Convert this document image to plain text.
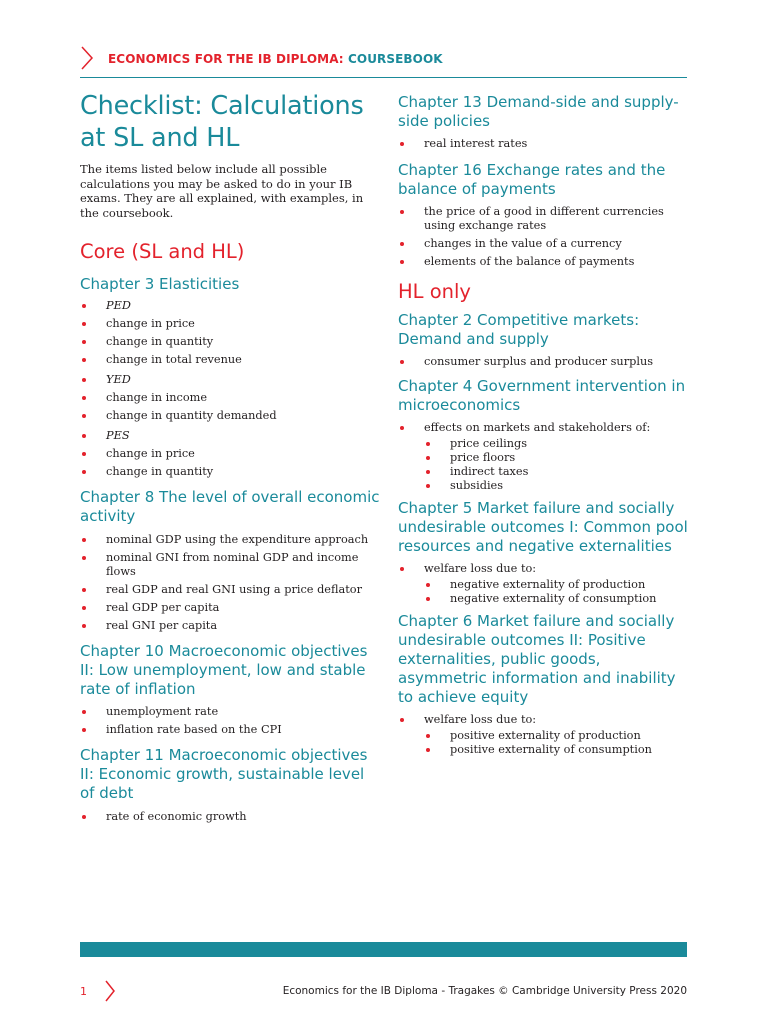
ECONOMICS FOR THE IB DIPLOMA: COURSEBOOK
Checklist: Calculations at SL and HL

The items listed below include all possible calculations you may be asked to do in your IB exams. They are all explained, with examples, in the coursebook.

Core (SL and HL)
Chapter 3 Elasticities
PED
change in price
change in quantity
change in total revenue
YED
change in income
change in quantity demanded
PES
change in price
change in quantity
Chapter 8 The level of overall economic activity
nominal GDP using the expenditure approach
nominal GNI from nominal GDP and income flows
real GDP and real GNI using a price deflator
real GDP per capita
real GNI per capita
Chapter 10 Macroeconomic objectives II: Low unemployment, low and stable rate of inflation
unemployment rate
inflation rate based on the CPI
Chapter 11 Macroeconomic objectives II: Economic growth, sustainable level of debt
rate of economic growth
Chapter 13 Demand-side and supply-side policies
real interest rates
Chapter 16 Exchange rates and the balance of payments
the price of a good in different currencies using exchange rates
changes in the value of a currency
elements of the balance of payments
HL only
Chapter 2 Competitive markets: Demand and supply
consumer surplus and producer surplus
Chapter 4 Government intervention in microeconomics
effects on markets and stakeholders of:
price ceilings
price floors
indirect taxes
subsidies
Chapter 5 Market failure and socially undesirable outcomes I: Common pool resources and negative externalities
welfare loss due to:
negative externality of production
negative externality of consumption
Chapter 6 Market failure and socially undesirable outcomes II: Positive externalities, public goods, asymmetric information and inability to achieve equity
welfare loss due to:
positive externality of production
positive externality of consumption
1	Economics for the IB Diploma - Tragakes © Cambridge University Press 2020
